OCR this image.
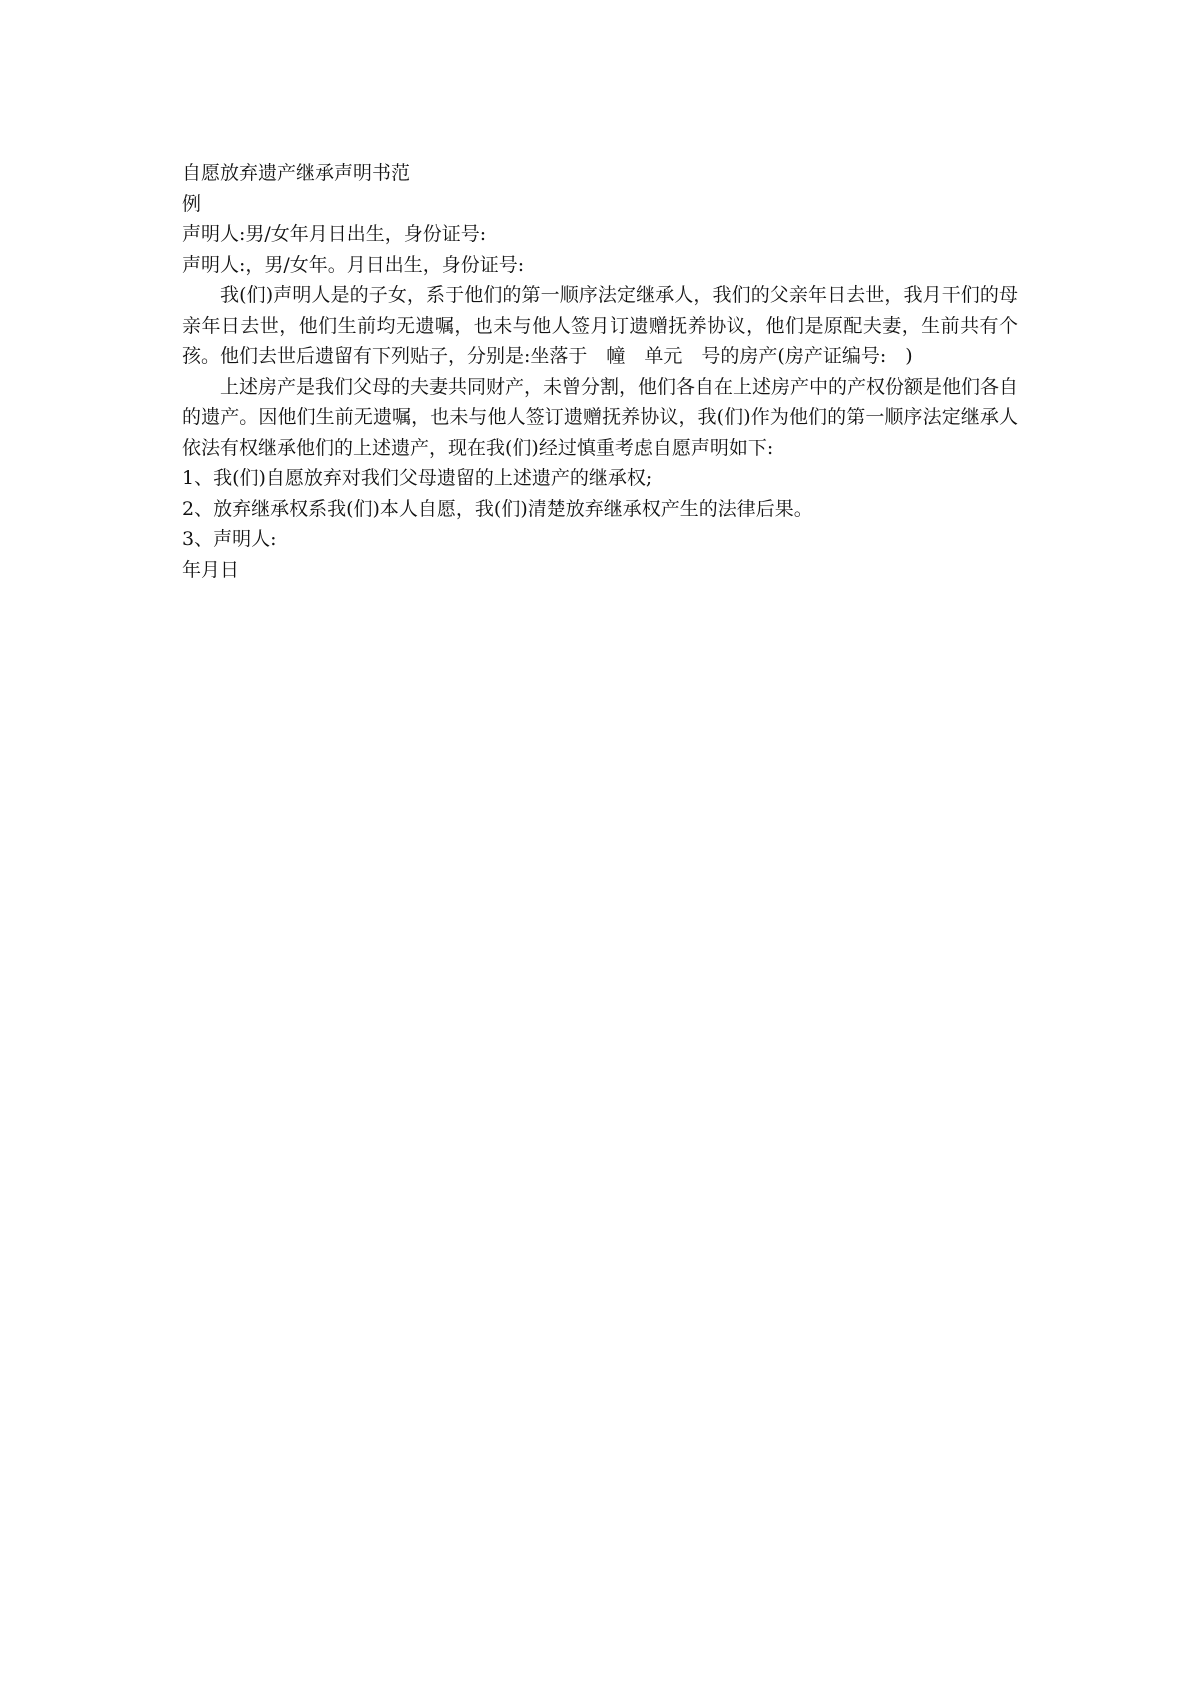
自愿放弃遗产继承声明书范
例
声明人:男/女年月日出生，身份证号:
声明人:，男/女年。月日出生，身份证号:

我(们)声明人是的子女，系于他们的第一顺序法定继承人，我们的父亲年日去世，我月干们的母亲年日去世，他们生前均无遗嘱，也未与他人签月订遗赠抚养协议，他们是原配夫妻，生前共有个孩。他们去世后遗留有下列贴子，分别是:坐落于　幢　单元　号的房产(房产证编号:　)

上述房产是我们父母的夫妻共同财产，未曾分割，他们各自在上述房产中的产权份额是他们各自的遗产。因他们生前无遗嘱，也未与他人签订遗赠抚养协议，我(们)作为他们的第一顺序法定继承人依法有权继承他们的上述遗产，现在我(们)经过慎重考虑自愿声明如下:

1、我(们)自愿放弃对我们父母遗留的上述遗产的继承权;
2、放弃继承权系我(们)本人自愿，我(们)清楚放弃继承权产生的法律后果。
3、声明人:
年月日
